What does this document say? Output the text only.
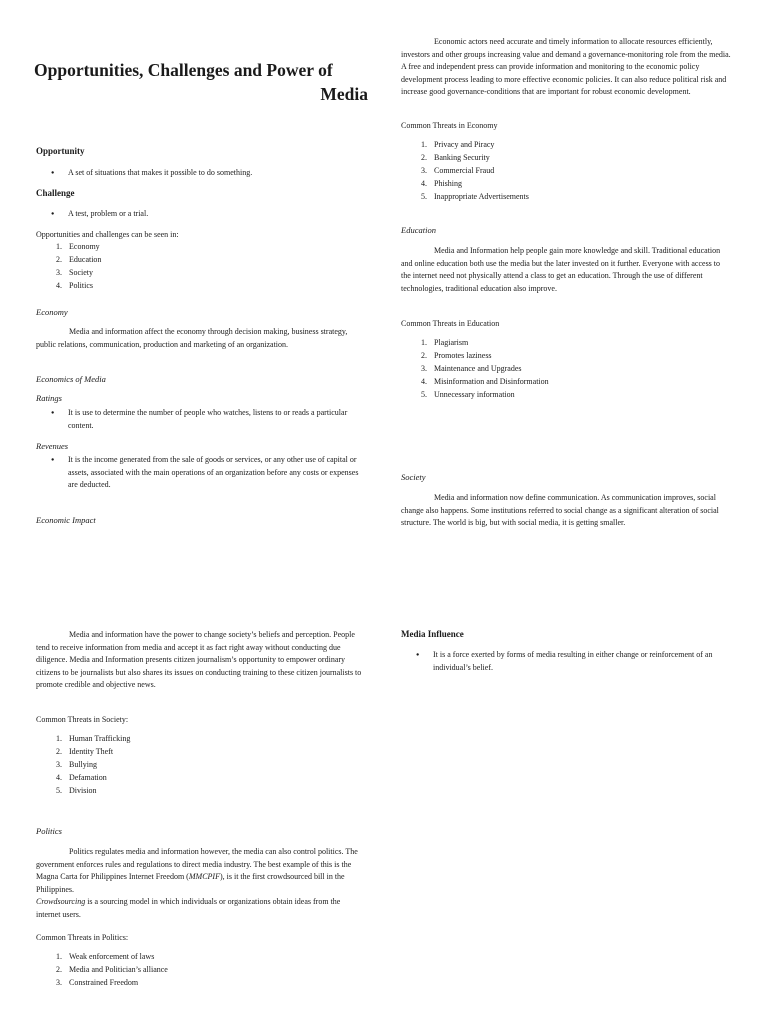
Opportunities, Challenges and Power of
Media
Opportunity
● A set of situations that makes it possible to do something.
Challenge
● A test, problem or a trial.
Opportunities and challenges can be seen in:
1. Economy
2. Education
3. Society
4. Politics
Economy

Media and information affect the economy through decision making, business strategy, public relations, communication, production and marketing of an organization.

Economics of Media
Ratings
● It is use to determine the number of people who watches, listens to or reads a particular content.
Revenues
● It is the income generated from the sale of goods or services, or any other use of capital or assets, associated with the main operations of an organization before any costs or expenses are deducted.
Economic Impact

Economic actors need accurate and timely information to allocate resources efficiently, investors and other groups increasing value and demand a governance-monitoring role from the media. A free and independent press can provide information and monitoring to the economic policy development process leading to more effective economic policies. It can also reduce political risk and increase good governance-conditions that are important for robust economic development.

Common Threats in Economy
1. Privacy and Piracy
2. Banking Security
3. Commercial Fraud
4. Phishing
5. Inappropriate Advertisements
Education

Media and Information help people gain more knowledge and skill. Traditional education and online education both use the media but the later invested on it further. Everyone with access to the internet need not physically attend a class to get an education. Through the use of different technologies, traditional education also improve.

Common Threats in Education
1. Plagiarism
2. Promotes laziness
3. Maintenance and Upgrades
4. Misinformation and Disinformation
5. Unnecessary information
Society

Media and information now define communication. As communication improves, social change also happens. Some institutions referred to social change as a significant alteration of social structure. The world is big, but with social media, it is getting smaller.

Media and information have the power to change society’s beliefs and perception. People tend to receive information from media and accept it as fact right away without conducting due diligence. Media and Information presents citizen journalism’s opportunity to empower ordinary citizens to be journalists but also shares its issues on conducting training to these citizen journalists to promote credible and objective news.

Common Threats in Society:
1. Human Trafficking
2. Identity Theft
3. Bullying
4. Defamation
5. Division
Politics

Politics regulates media and information however, the media can also control politics. The government enforces rules and regulations to direct media industry. The best example of this is the Magna Carta for Philippines Internet Freedom (MMCPIF), is it the first crowdsourced bill in the Philippines.

Crowdsourcing is a sourcing model in which individuals or organizations obtain ideas from the internet users.

Common Threats in Politics:
1. Weak enforcement of laws
2. Media and Politician’s alliance
3. Constrained Freedom
Media Influence
● It is a force exerted by forms of media resulting in either change or reinforcement of an individual’s belief.
